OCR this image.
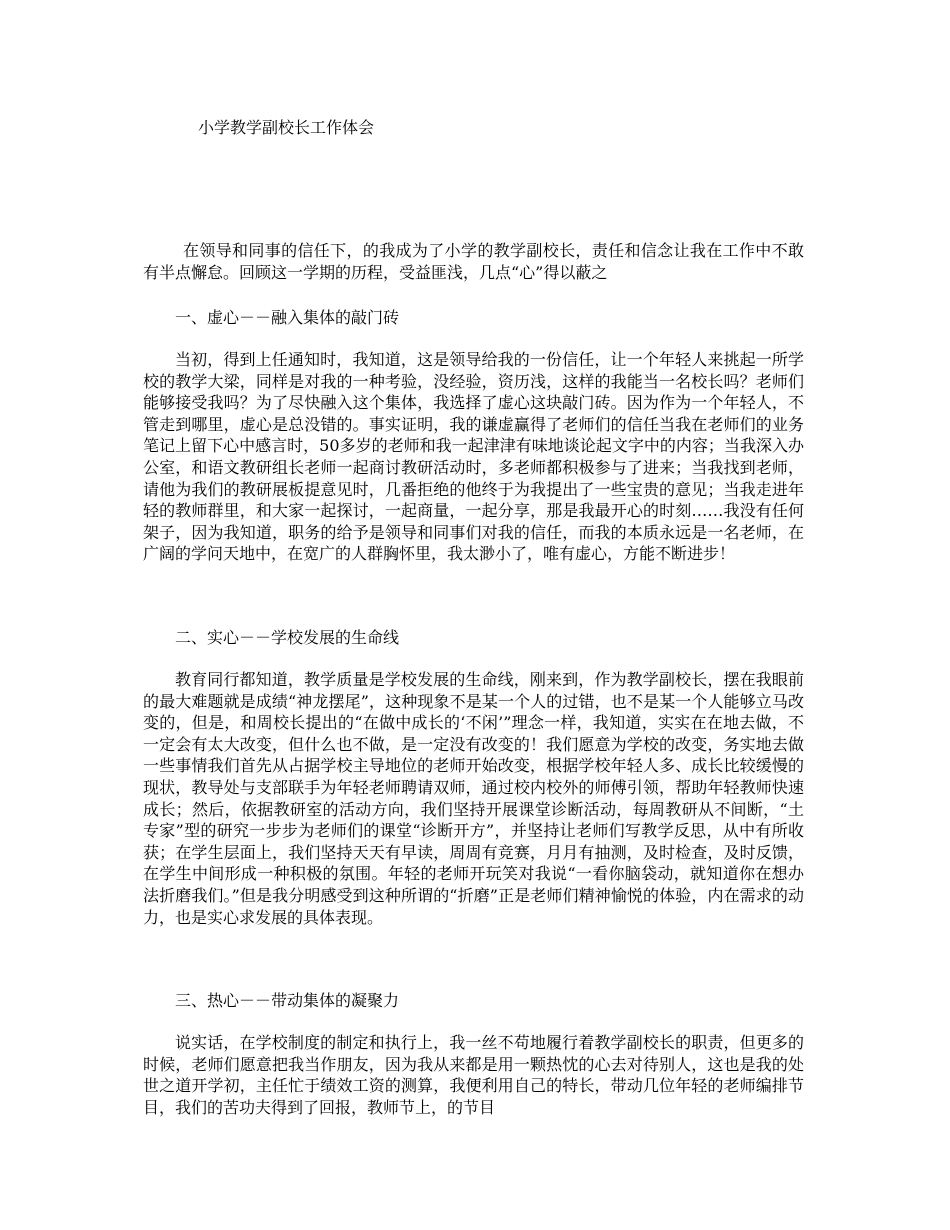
小学教学副校长工作体会

在领导和同事的信任下，的我成为了小学的教学副校长，责任和信念让我在工作中不敢有半点懈怠。回顾这一学期的历程，受益匪浅，几点“心”得以蔽之

一、虚心－－融入集体的敲门砖

当初，得到上任通知时，我知道，这是领导给我的一份信任，让一个年轻人来挑起一所学校的教学大梁，同样是对我的一种考验，没经验，资历浅，这样的我能当一名校长吗？老师们能够接受我吗？为了尽快融入这个集体，我选择了虚心这块敲门砖。因为作为一个年轻人，不管走到哪里，虚心是总没错的。事实证明，我的谦虚赢得了老师们的信任当我在老师们的业务笔记上留下心中感言时，50多岁的老师和我一起津津有味地谈论起文字中的内容；当我深入办公室，和语文教研组长老师一起商讨教研活动时，多老师都积极参与了进来；当我找到老师，请他为我们的教研展板提意见时，几番拒绝的他终于为我提出了一些宝贵的意见；当我走进年轻的教师群里，和大家一起探讨，一起商量，一起分享，那是我最开心的时刻……我没有任何架子，因为我知道，职务的给予是领导和同事们对我的信任，而我的本质永远是一名老师，在广阔的学问天地中，在宽广的人群胸怀里，我太渺小了，唯有虚心，方能不断进步！

二、实心－－学校发展的生命线

教育同行都知道，教学质量是学校发展的生命线，刚来到，作为教学副校长，摆在我眼前的最大难题就是成绩“神龙摆尾”，这种现象不是某一个人的过错，也不是某一个人能够立马改变的，但是，和周校长提出的“在做中成长的‘不闲’”理念一样，我知道，实实在在地去做，不一定会有太大改变，但什么也不做，是一定没有改变的！我们愿意为学校的改变，务实地去做一些事情我们首先从占据学校主导地位的老师开始改变，根据学校年轻人多、成长比较缓慢的现状，教导处与支部联手为年轻老师聘请双师，通过校内校外的师傅引领，帮助年轻教师快速成长；然后，依据教研室的活动方向，我们坚持开展课堂诊断活动，每周教研从不间断，“土专家”型的研究一步步为老师们的课堂“诊断开方”，并坚持让老师们写教学反思，从中有所收获；在学生层面上，我们坚持天天有早读，周周有竞赛，月月有抽测，及时检查，及时反馈，在学生中间形成一种积极的氛围。年轻的老师开玩笑对我说“一看你脑袋动，就知道你在想办法折磨我们。”但是我分明感受到这种所谓的“折磨”正是老师们精神愉悦的体验，内在需求的动力，也是实心求发展的具体表现。

三、热心－－带动集体的凝聚力

说实话，在学校制度的制定和执行上，我一丝不苟地履行着教学副校长的职责，但更多的时候，老师们愿意把我当作朋友，因为我从来都是用一颗热忱的心去对待别人，这也是我的处世之道开学初，主任忙于绩效工资的测算，我便利用自己的特长，带动几位年轻的老师编排节目，我们的苦功夫得到了回报，教师节上，的节目
